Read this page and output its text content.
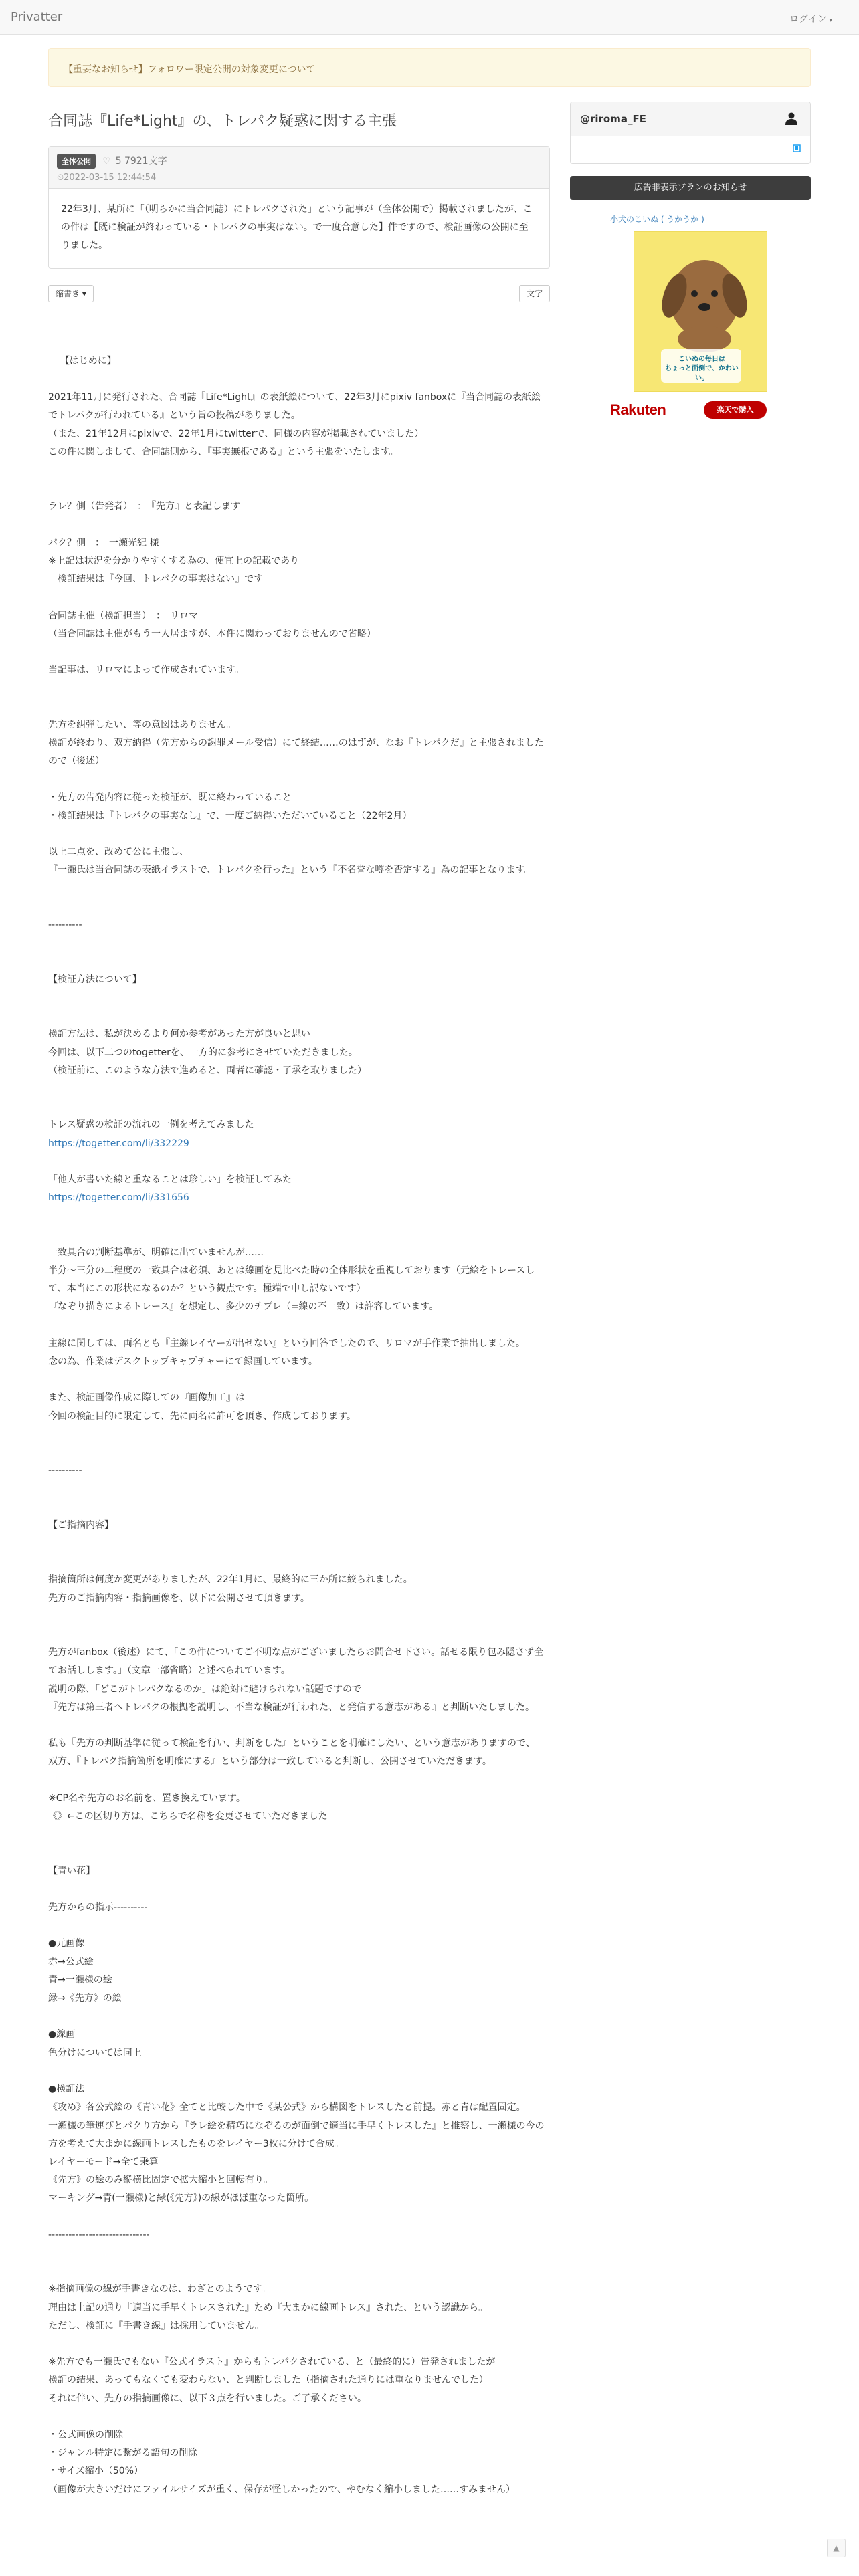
Privatter	ログイン ▾
【重要なお知らせ】フォロワー限定公開の対象変更について
合同誌『Life*Light』の、トレパク疑惑に関する主張
全体公開 ♡ 5 7921文字
⏲2022-03-15 12:44:54
22年3月、某所に「（明らかに当合同誌）にトレパクされた」という記事が（全体公開で）掲載されましたが、この件は【既に検証が終わっている・トレパクの事実はない。で一度合意した】件ですので、検証画像の公開に至りました。
縮書き ▾	文字

【はじめに】

2021年11月に発行された、合同誌『Life*Light』の表紙絵について、22年3月にpixiv fanboxに『当合同誌の表紙絵でトレパクが行われている』という旨の投稿がありました。
（また、21年12月にpixivで、22年1月にtwitterで、同様の内容が掲載されていました）
この件に関しまして、合同誌側から、『事実無根である』という主張をいたします。

ラレ？側（告発者）　：　『先方』と表記します

パク？側　：　一瀬光紀 様
※上記は状況を分かりやすくする為の、便宜上の記載であり
　検証結果は『今回、トレパクの事実はない』です

合同誌主催（検証担当）　：　リロマ
（当合同誌は主催がもう一人居ますが、本件に関わっておりませんので省略）

当記事は、リロマによって作成されています。

先方を糾弾したい、等の意図はありません。
検証が終わり、双方納得（先方からの謝罪メール受信）にて終結……のはずが、なお『トレパクだ』と主張されましたので（後述）

・先方の告発内容に従った検証が、既に終わっていること
・検証結果は『トレパクの事実なし』で、一度ご納得いただいていること（22年2月）

以上二点を、改めて公に主張し、
『一瀬氏は当合同誌の表紙イラストで、トレパクを行った』という『不名誉な噂を否定する』為の記事となります。

----------

【検証方法について】

検証方法は、私が決めるより何か参考があった方が良いと思い
今回は、以下二つのtogetterを、一方的に参考にさせていただきました。
（検証前に、このような方法で進めると、両者に確認・了承を取りました）

トレス疑惑の検証の流れの一例を考えてみました
https://togetter.com/li/332229

「他人が書いた線と重なることは珍しい」を検証してみた
https://togetter.com/li/331656

一致具合の判断基準が、明確に出ていませんが……
半分～三分の二程度の一致具合は必須、あとは線画を見比べた時の全体形状を重視しております（元絵をトレースして、本当にこの形状になるのか？という観点です。極端で申し訳ないです）
『なぞり描きによるトレース』を想定し、多少のチブレ（=線の不一致）は許容しています。

主線に関しては、両名とも『主線レイヤーが出せない』という回答でしたので、リロマが手作業で抽出しました。
念の為、作業はデスクトップキャプチャーにて録画しています。

また、検証画像作成に際しての『画像加工』は
今回の検証目的に限定して、先に両名に許可を頂き、作成しております。

----------

【ご指摘内容】

指摘箇所は何度か変更がありましたが、22年1月に、最終的に三か所に絞られました。
先方のご指摘内容・指摘画像を、以下に公開させて頂きます。

先方がfanbox（後述）にて、「この件についてご不明な点がございましたらお問合せ下さい。話せる限り包み隠さず全てお話しします。」（文章一部省略）と述べられています。
説明の際、「どこがトレパクなるのか」は絶対に避けられない話題ですので
『先方は第三者へトレパクの根拠を説明し、不当な検証が行われた、と発信する意志がある』と判断いたしました。

私も『先方の判断基準に従って検証を行い、判断をした』ということを明確にしたい、という意志がありますので、
双方、『トレパク指摘箇所を明確にする』という部分は一致していると判断し、公開させていただきます。

※CP名や先方のお名前を、置き換えています。
《》←この区切り方は、こちらで名称を変更させていただきました

【青い花】

先方からの指示----------

●元画像
赤→公式絵
青→一瀬様の絵
緑→《先方》の絵

●線画
色分けについては同上

●検証法
《攻め》各公式絵の《青い花》全てと比較した中で《某公式》から構図をトレスしたと前提。赤と青は配置固定。
一瀬様の筆運びとパクり方から『ラレ絵を精巧になぞるのが面倒で適当に手早くトレスした』と推察し、一瀬様の今の方を考えて大まかに線画トレスしたものをレイヤー3枚に分けて合成。
レイヤーモード→全て乗算。
《先方》の絵のみ縦横比固定で拡大縮小と回転有り。
マーキング→青(一瀬様)と緑(《先方》)の線がほぼ重なった箇所。

------------------------------

※指摘画像の線が手書きなのは、わざとのようです。
理由は上記の通り『適当に手早くトレスされた』ため『大まかに線画トレス』された、という認識から。
ただし、検証に『手書き線』は採用していません。

※先方でも一瀬氏でもない『公式イラスト』からもトレパクされている、と（最終的に）告発されましたが
検証の結果、あってもなくても変わらない、と判断しました（指摘された通りには重なりませんでした）
それに伴い、先方の指摘画像に、以下３点を行いました。ご了承ください。

・公式画像の削除
・ジャンル特定に繋がる語句の削除
・サイズ縮小（50%）
（画像が大きいだけにファイルサイズが重く、保存が怪しかったので、やむなく縮小しました……すみません）

@riroma_FE
広告非表示プランのお知らせ
小犬のこいぬ ( うかうか )
こいぬの毎日は
ちょっと面倒で、かわいい。
Rakuten	楽天で購入
▲
